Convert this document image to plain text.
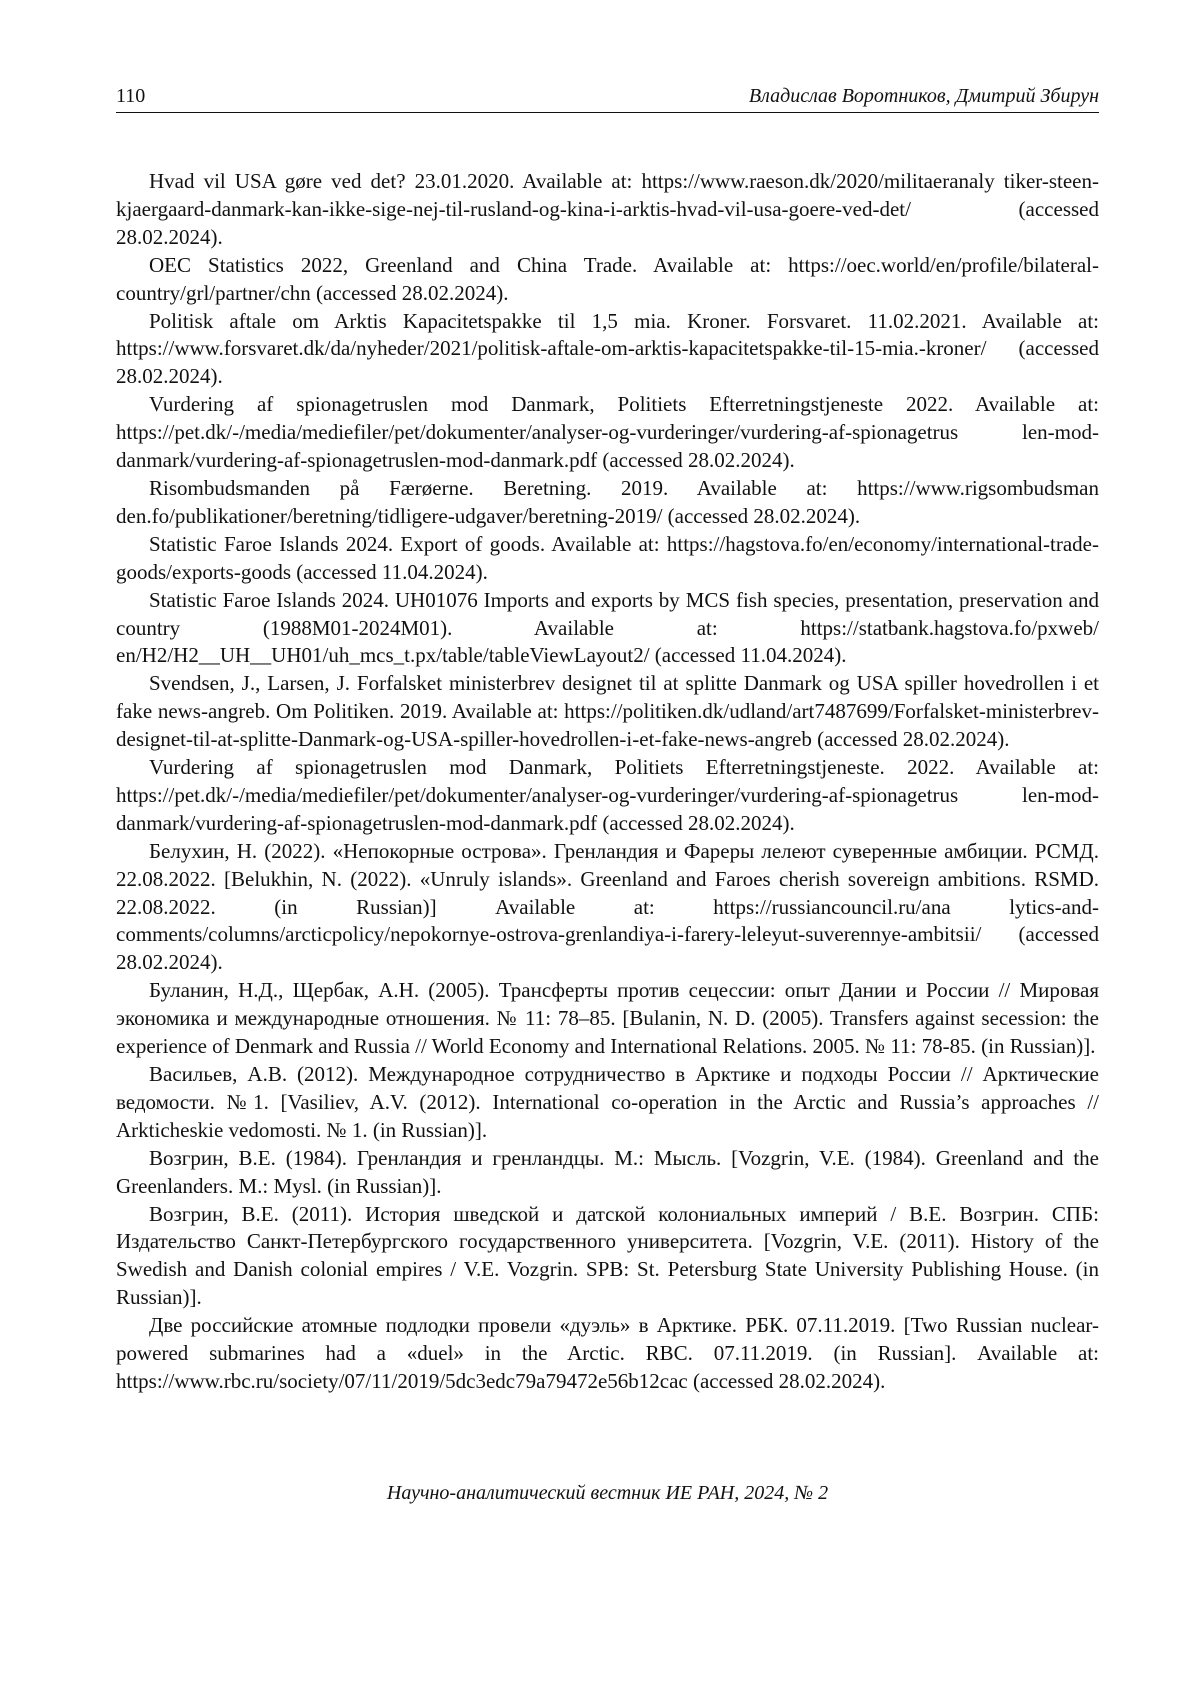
110	Владислав Воротников, Дмитрий Збирун
Hvad vil USA gøre ved det? 23.01.2020. Available at: https://www.raeson.dk/2020/militaeranaly tiker-steen-kjaergaard-danmark-kan-ikke-sige-nej-til-rusland-og-kina-i-arktis-hvad-vil-usa-goere-ved-det/ (accessed 28.02.2024).
OEC Statistics 2022, Greenland and China Trade. Available at: https://oec.world/en/profile/bilateral-country/grl/partner/chn (accessed 28.02.2024).
Politisk aftale om Arktis Kapacitetspakke til 1,5 mia. Kroner. Forsvaret. 11.02.2021. Available at: https://www.forsvaret.dk/da/nyheder/2021/politisk-aftale-om-arktis-kapacitetspakke-til-15-mia.-kroner/ (accessed 28.02.2024).
Vurdering af spionagetruslen mod Danmark, Politiets Efterretningstjeneste 2022. Available at: https://pet.dk/-/media/mediefiler/pet/dokumenter/analyser-og-vurderinger/vurdering-af-spionagetrus len-mod-danmark/vurdering-af-spionagetruslen-mod-danmark.pdf (accessed 28.02.2024).
Risombudsmanden på Færøerne. Beretning. 2019. Available at: https://www.rigsombudsman den.fo/publikationer/beretning/tidligere-udgaver/beretning-2019/ (accessed 28.02.2024).
Statistic Faroe Islands 2024. Export of goods. Available at: https://hagstova.fo/en/economy/international-trade-goods/exports-goods (accessed 11.04.2024).
Statistic Faroe Islands 2024. UH01076 Imports and exports by MCS fish species, presentation, preservation and country (1988M01-2024M01). Available at: https://statbank.hagstova.fo/pxweb/ en/H2/H2__UH__UH01/uh_mcs_t.px/table/tableViewLayout2/ (accessed 11.04.2024).
Svendsen, J., Larsen, J. Forfalsket ministerbrev designet til at splitte Danmark og USA spiller hovedrollen i et fake news-angreb. Om Politiken. 2019. Available at: https://politiken.dk/udland/art7487699/Forfalsket-ministerbrev-designet-til-at-splitte-Danmark-og-USA-spiller-hovedrollen-i-et-fake-news-angreb (accessed 28.02.2024).
Vurdering af spionagetruslen mod Danmark, Politiets Efterretningstjeneste. 2022. Available at: https://pet.dk/-/media/mediefiler/pet/dokumenter/analyser-og-vurderinger/vurdering-af-spionagetrus len-mod-danmark/vurdering-af-spionagetruslen-mod-danmark.pdf (accessed 28.02.2024).
Белухин, Н. (2022). «Непокорные острова». Гренландия и Фареры лелеют суверенные амбиции. РСМД. 22.08.2022. [Belukhin, N. (2022). «Unruly islands». Greenland and Faroes cherish sovereign ambitions. RSMD. 22.08.2022. (in Russian)] Available at: https://russiancouncil.ru/ana lytics-and-comments/columns/arcticpolicy/nepokornye-ostrova-grenlandiya-i-farery-leleyut-suverennye-ambitsii/ (accessed 28.02.2024).
Буланин, Н.Д., Щербак, А.Н. (2005). Трансферты против сецессии: опыт Дании и России // Мировая экономика и международные отношения. № 11: 78–85. [Bulanin, N. D. (2005). Transfers against secession: the experience of Denmark and Russia // World Economy and International Relations. 2005. № 11: 78-85. (in Russian)].
Васильев, А.В. (2012). Международное сотрудничество в Арктике и подходы России // Арктические ведомости. №1. [Vasiliev, A.V. (2012). International co-operation in the Arctic and Russia’s approaches // Arkticheskie vedomosti. № 1. (in Russian)].
Возгрин, В.Е. (1984). Гренландия и гренландцы. М.: Мысль. [Vozgrin, V.E. (1984). Greenland and the Greenlanders. M.: Mysl. (in Russian)].
Возгрин, В.Е. (2011). История шведской и датской колониальных империй / В.Е. Возгрин. СПБ: Издательство Санкт-Петербургского государственного университета. [Vozgrin, V.E. (2011). History of the Swedish and Danish colonial empires / V.E. Vozgrin. SPB: St. Petersburg State University Publishing House. (in Russian)].
Две российские атомные подлодки провели «дуэль» в Арктике. РБК. 07.11.2019. [Two Russian nuclear-powered submarines had a «duel» in the Arctic. RBC. 07.11.2019. (in Russian]. Available at: https://www.rbc.ru/society/07/11/2019/5dc3edc79a79472e56b12cac (accessed 28.02.2024).
Научно-аналитический вестник ИЕ РАН, 2024, № 2
